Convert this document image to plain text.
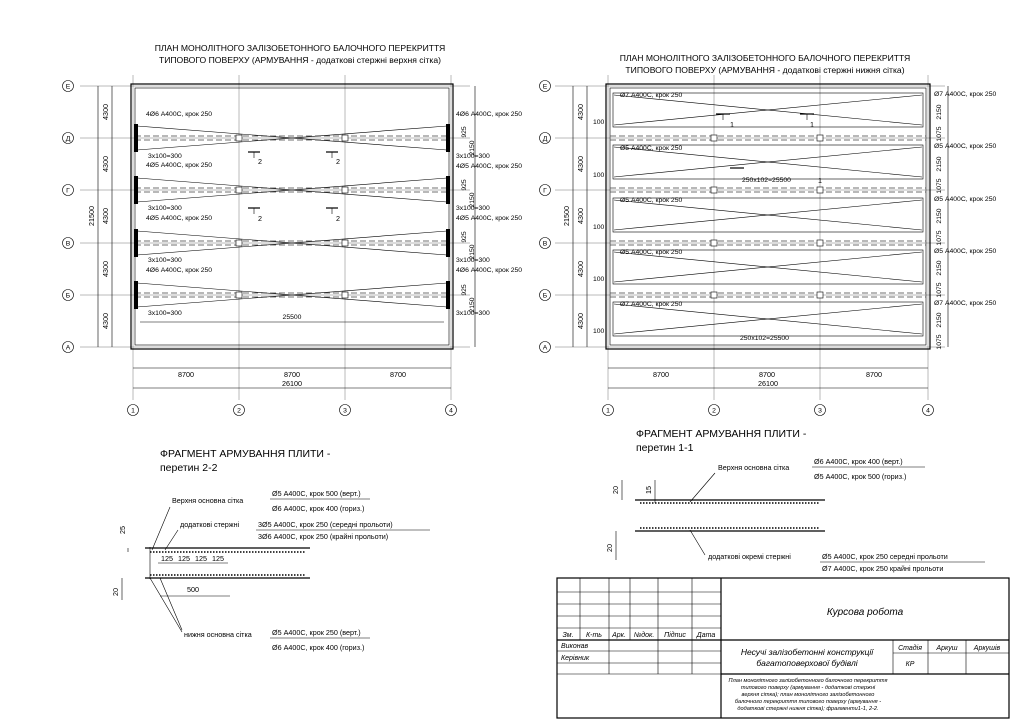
ПЛАН МОНОЛІТНОГО ЗАЛІЗОБЕТОННОГО БАЛОЧНОГО ПЕРЕКРИТТЯ
ТИПОВОГО ПОВЕРХУ (АРМУВАННЯ - додаткові стержні верхня сітка)
2	2
2	2
4Ø6 А400С, крок 250
4Ø5 А400С, крок 250
4Ø5 А400С, крок 250
4Ø6 А400С, крок 250
4Ø6 А400С, крок 250
4Ø5 А400С, крок 250
4Ø5 А400С, крок 250
4Ø6 А400С, крок 250
3x100=300
3x100=300
3x100=300
3x100=300
3x100=300
3x100=300
3x100=300
3x100=300
25500
925
2150
925
2150
925
2150
925
2150
4300
4300
4300
4300
4300
21500
Е
Д
Г
В
Б
А
8700	8700	8700
26100
1	2	3	4
ПЛАН МОНОЛІТНОГО ЗАЛІЗОБЕТОННОГО БАЛОЧНОГО ПЕРЕКРИТТЯ
ТИПОВОГО ПОВЕРХУ (АРМУВАННЯ - додаткові стержні нижня сітка)
1	1
1
250x102=25500
250x102=25500
Ø7 А400С, крок 250
Ø5 А400С, крок 250
Ø5 А400С, крок 250
Ø5 А400С, крок 250
Ø7 А400С, крок 250
Ø7 А400С, крок 250
Ø5 А400С, крок 250
Ø5 А400С, крок 250
Ø5 А400С, крок 250
Ø7 А400С, крок 250
100
100
100
100
100
2150
1075
2150
1075
2150
1075
2150
1075
2150
1075
4300
4300
4300
4300
4300
21500
Е
Д
Г
В
Б
А
8700	8700	8700
26100
1	2	3	4
ФРАГМЕНТ АРМУВАННЯ ПЛИТИ -
перетин 2-2
Верхня основна сітка
Ø5 А400С, крок 500 (верт.)
Ø6 А400С, крок 400 (гориз.)
додаткові стержні	3Ø5 А400С, крок 250 (середні прольоти)
3Ø6 А400С, крок 250 (крайні прольоти)
25
20
125 125 125 125
500
нижня основна сітка	Ø5 А400С, крок 250 (верт.)
Ø6 А400С, крок 400 (гориз.)
ФРАГМЕНТ АРМУВАННЯ ПЛИТИ -
перетин 1-1
Верхня основна сітка
Ø6 А400С, крок 400 (верт.)
Ø5 А400С, крок 500 (гориз.)
20	15
20
додаткові окремі стержні	Ø5 А400С, крок 250 середні прольоти
Ø7 А400С, крок 250 крайні прольоти
Зм. К-ть Арк. №док. Підпис Дата
Виконав
Керівник
Курсова робота
Несучі залізобетонні конструкції
багатоповерхової будівлі
Стадія Аркуш Аркушів
КР
План монолітного залізобетонного балочного перекриття
типового поверху (армування - додаткові стержні
верхня сітка); план монолітного залізобетонного
балочного перекриття типового поверху (армування -
додаткові стержні нижня сітка); фрагменти1-1, 2-2.
